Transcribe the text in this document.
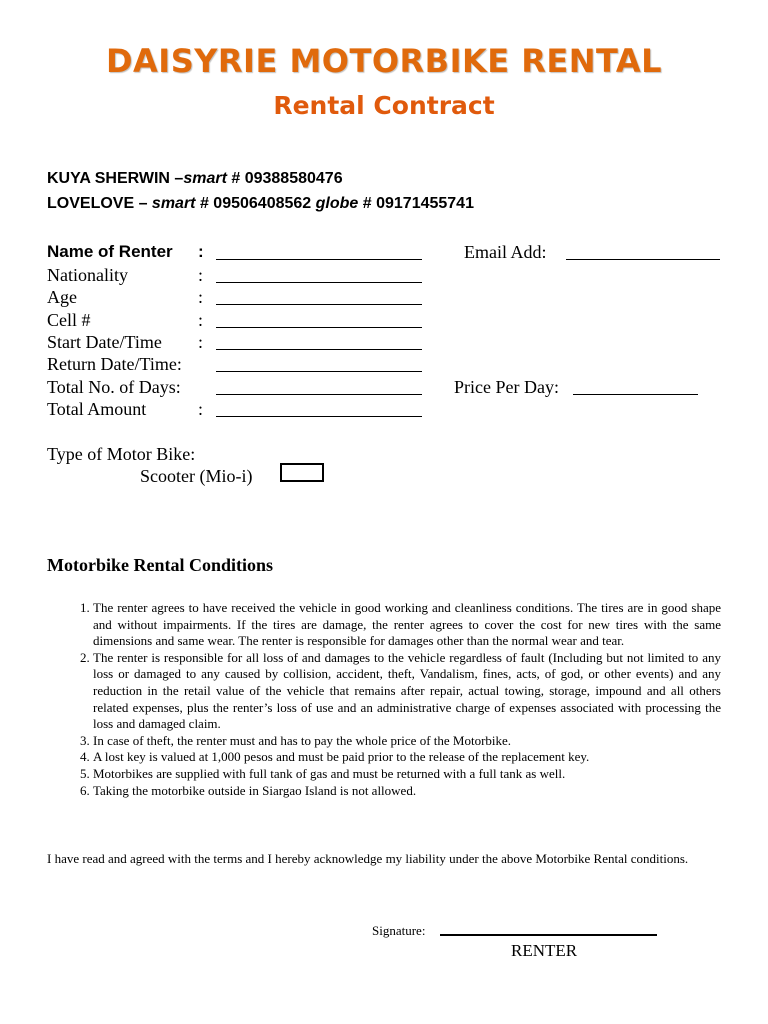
DAISYRIE MOTORBIKE RENTAL
Rental Contract
KUYA SHERWIN –smart # 09388580476
LOVELOVE – smart # 09506408562 globe # 09171455741
Name of Renter :	Email Add:
Nationality	:
Age	:
Cell #	:
Start Date/Time :
Return Date/Time:
Total No. of Days:	Price Per Day:
Total Amount	:
Type of Motor Bike:
Scooter (Mio-i)
Motorbike Rental Conditions
1. The renter agrees to have received the vehicle in good working and cleanliness conditions. The tires are in good shape and without impairments. If the tires are damage, the renter agrees to cover the cost for new tires with the same dimensions and same wear. The renter is responsible for damages other than the normal wear and tear.
2. The renter is responsible for all loss of and damages to the vehicle regardless of fault (Including but not limited to any loss or damaged to any caused by collision, accident, theft, Vandalism, fines, acts, of god, or other events) and any reduction in the retail value of the vehicle that remains after repair, actual towing, storage, impound and all others related expenses, plus the renter’s loss of use and an administrative charge of expenses associated with processing the loss and damaged claim.
3. In case of theft, the renter must and has to pay the whole price of the Motorbike.
4. A lost key is valued at 1,000 pesos and must be paid prior to the release of the replacement key.
5. Motorbikes are supplied with full tank of gas and must be returned with a full tank as well.
6. Taking the motorbike outside in Siargao Island is not allowed.

I have read and agreed with the terms and I hereby acknowledge my liability under the above Motorbike Rental conditions.

Signature:
RENTER
